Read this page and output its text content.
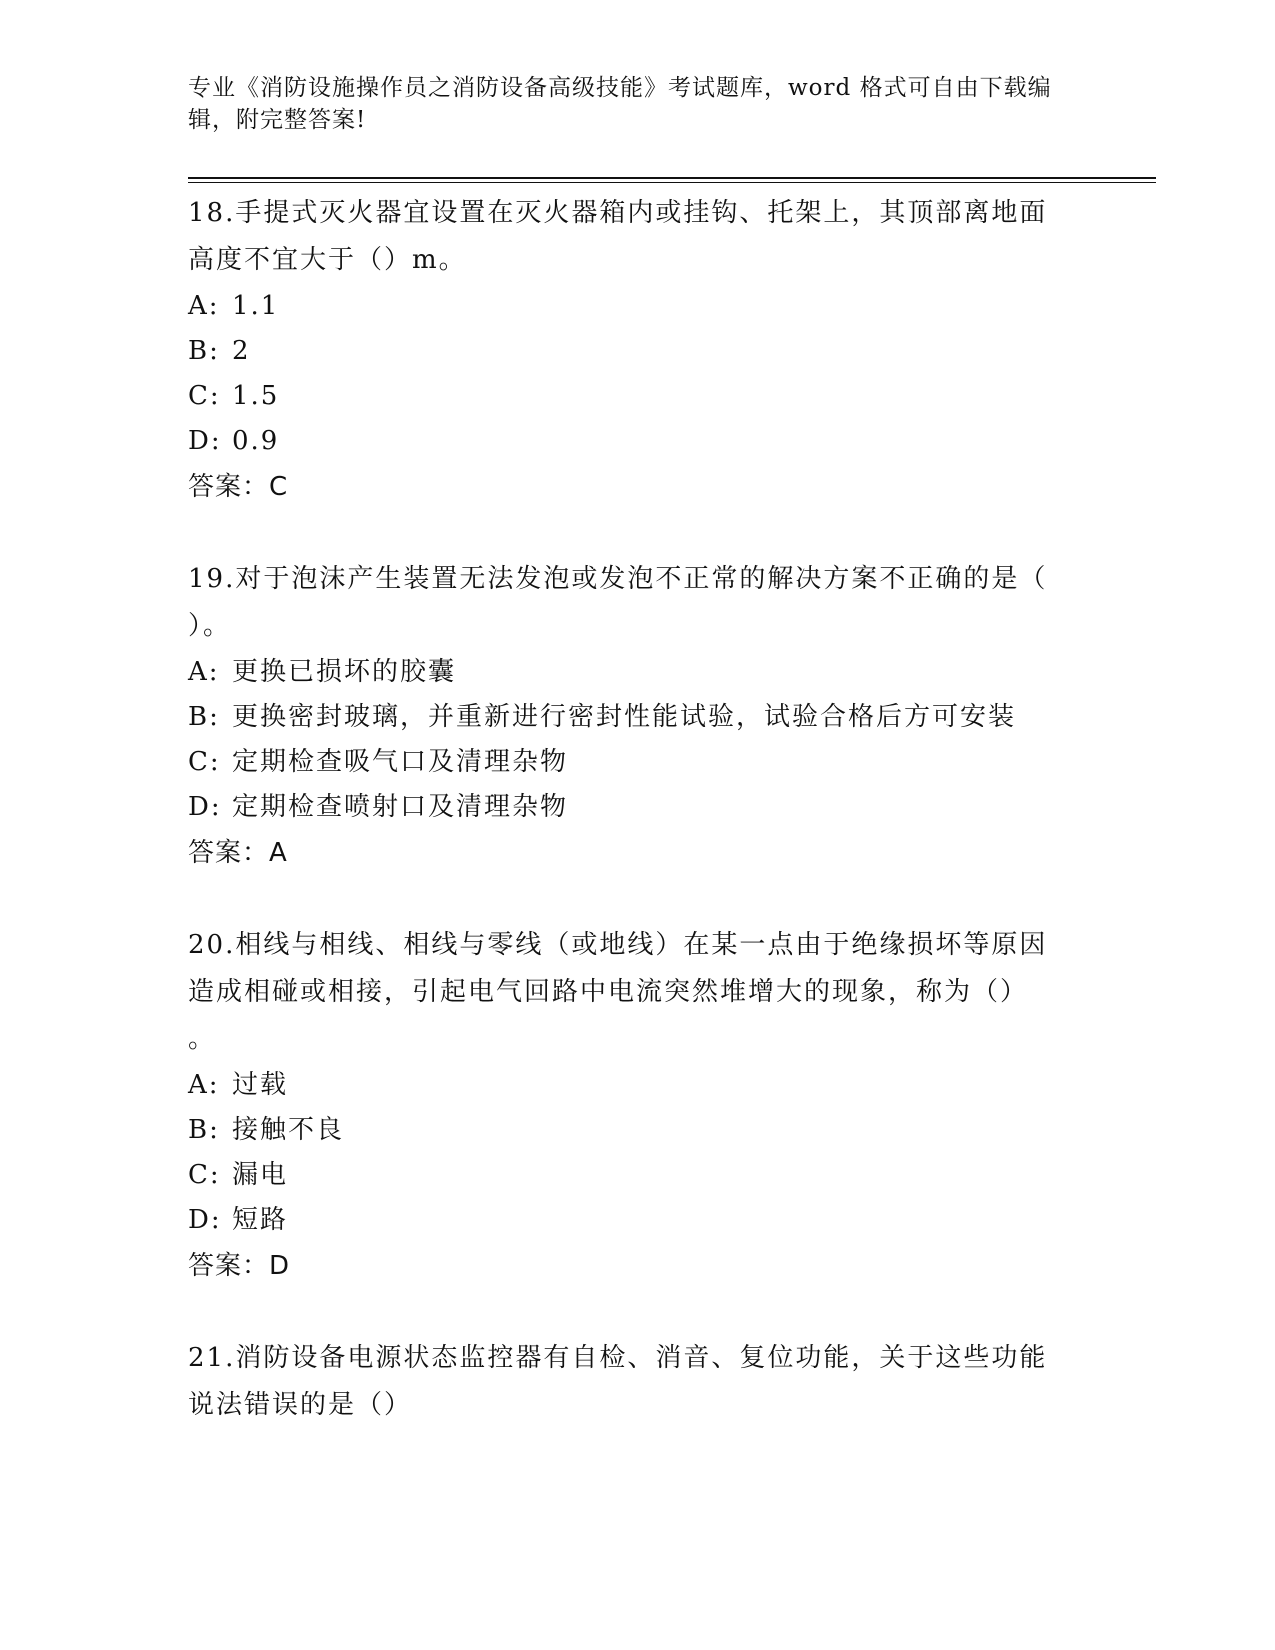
专业《消防设施操作员之消防设备高级技能》考试题库，word 格式可自由下载编
辑，附完整答案!

18.手提式灭火器宜设置在灭火器箱内或挂钩、托架上，其顶部离地面

高度不宜大于（）m。

A: 1.1

B: 2

C: 1.5

D: 0.9

答案：C

19.对于泡沫产生装置无法发泡或发泡不正常的解决方案不正确的是（

）。

A: 更换已损坏的胶囊

B: 更换密封玻璃，并重新进行密封性能试验，试验合格后方可安装

C: 定期检查吸气口及清理杂物

D: 定期检查喷射口及清理杂物

答案：A

20.相线与相线、相线与零线（或地线）在某一点由于绝缘损坏等原因

造成相碰或相接，引起电气回路中电流突然堆增大的现象，称为（）

。

A: 过载

B: 接触不良

C: 漏电

D: 短路

答案：D

21.消防设备电源状态监控器有自检、消音、复位功能，关于这些功能

说法错误的是（）
